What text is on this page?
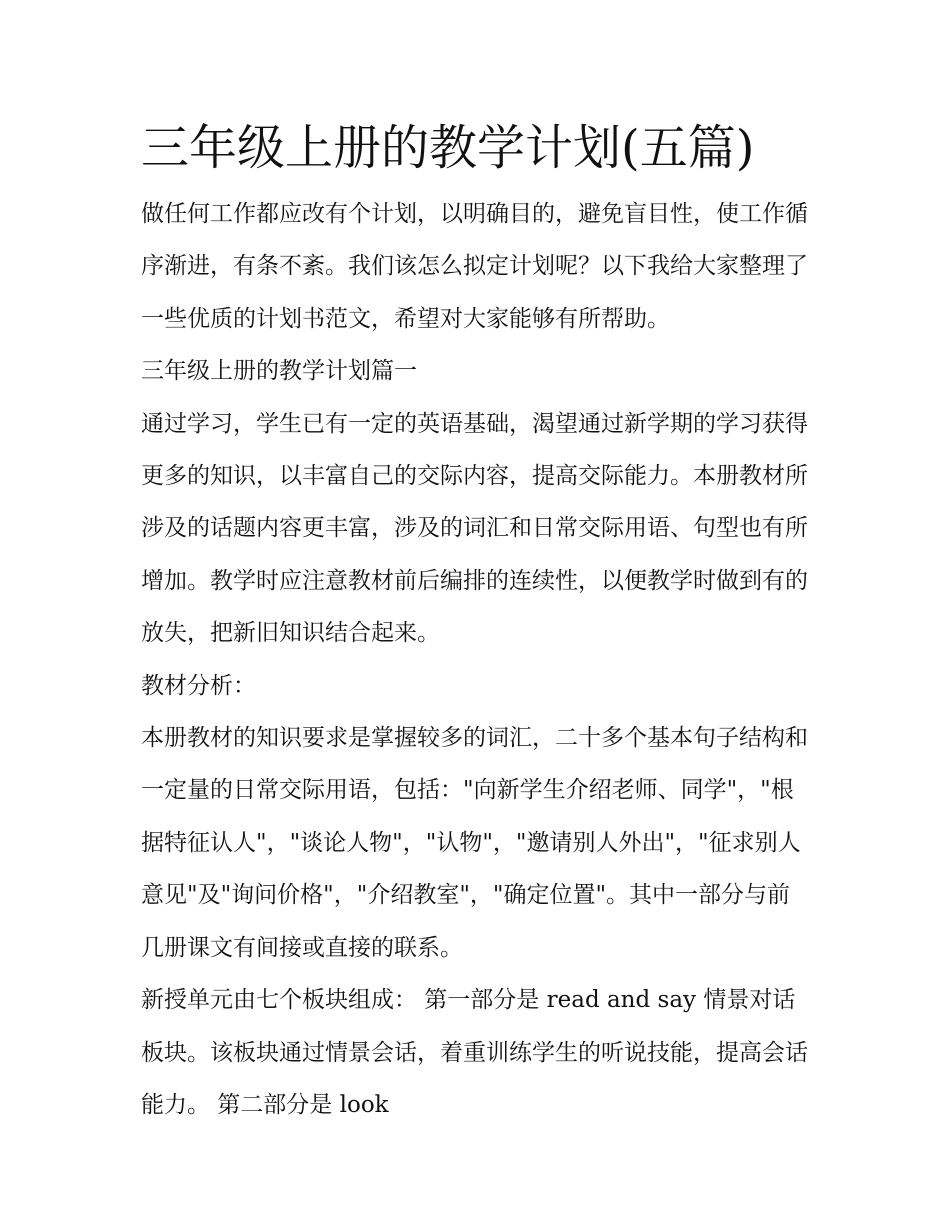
三年级上册的教学计划(五篇)

做任何工作都应改有个计划，以明确目的，避免盲目性，使工作循序渐进，有条不紊。我们该怎么拟定计划呢？以下我给大家整理了一些优质的计划书范文，希望对大家能够有所帮助。

三年级上册的教学计划篇一

通过学习，学生已有一定的英语基础，渴望通过新学期的学习获得更多的知识，以丰富自己的交际内容，提高交际能力。本册教材所涉及的话题内容更丰富，涉及的词汇和日常交际用语、句型也有所增加。教学时应注意教材前后编排的连续性，以便教学时做到有的放失，把新旧知识结合起来。

教材分析：

本册教材的知识要求是掌握较多的词汇，二十多个基本句子结构和一定量的日常交际用语，包括："向新学生介绍老师、同学"，"根据特征认人"，"谈论人物"，"认物"，"邀请别人外出"，"征求别人意见"及"询问价格"，"介绍教室"，"确定位置"。其中一部分与前几册课文有间接或直接的联系。

新授单元由七个板块组成： 第一部分是 read and say 情景对话板块。该板块通过情景会话，着重训练学生的听说技能，提高会话能力。 第二部分是 look
